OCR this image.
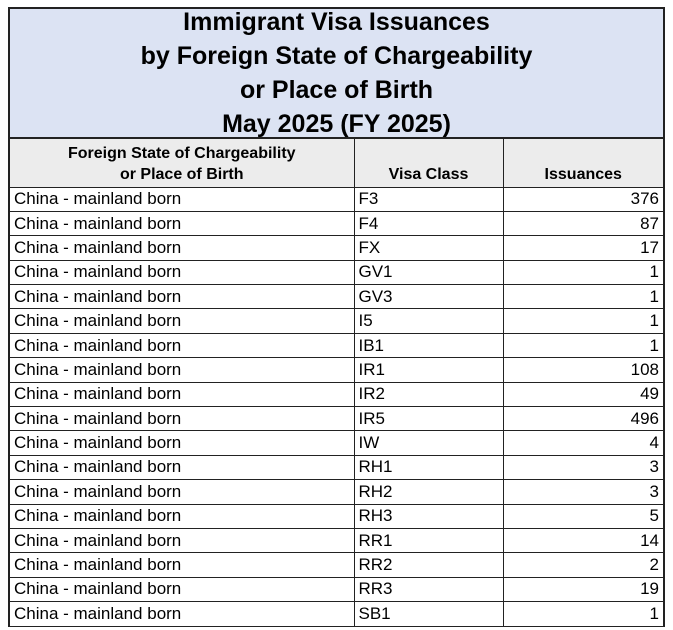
Immigrant Visa Issuances
by Foreign State of Chargeability
or Place of Birth
May 2025 (FY 2025)
Foreign State of Chargeability
or Place of Birth	Visa Class	Issuances
China - mainland born	F3	376
China - mainland born	F4	87
China - mainland born	FX	17
China - mainland born	GV1	1
China - mainland born	GV3	1
China - mainland born	I5	1
China - mainland born	IB1	1
China - mainland born	IR1	108
China - mainland born	IR2	49
China - mainland born	IR5	496
China - mainland born	IW	4
China - mainland born	RH1	3
China - mainland born	RH2	3
China - mainland born	RH3	5
China - mainland born	RR1	14
China - mainland born	RR2	2
China - mainland born	RR3	19
China - mainland born	SB1	1
